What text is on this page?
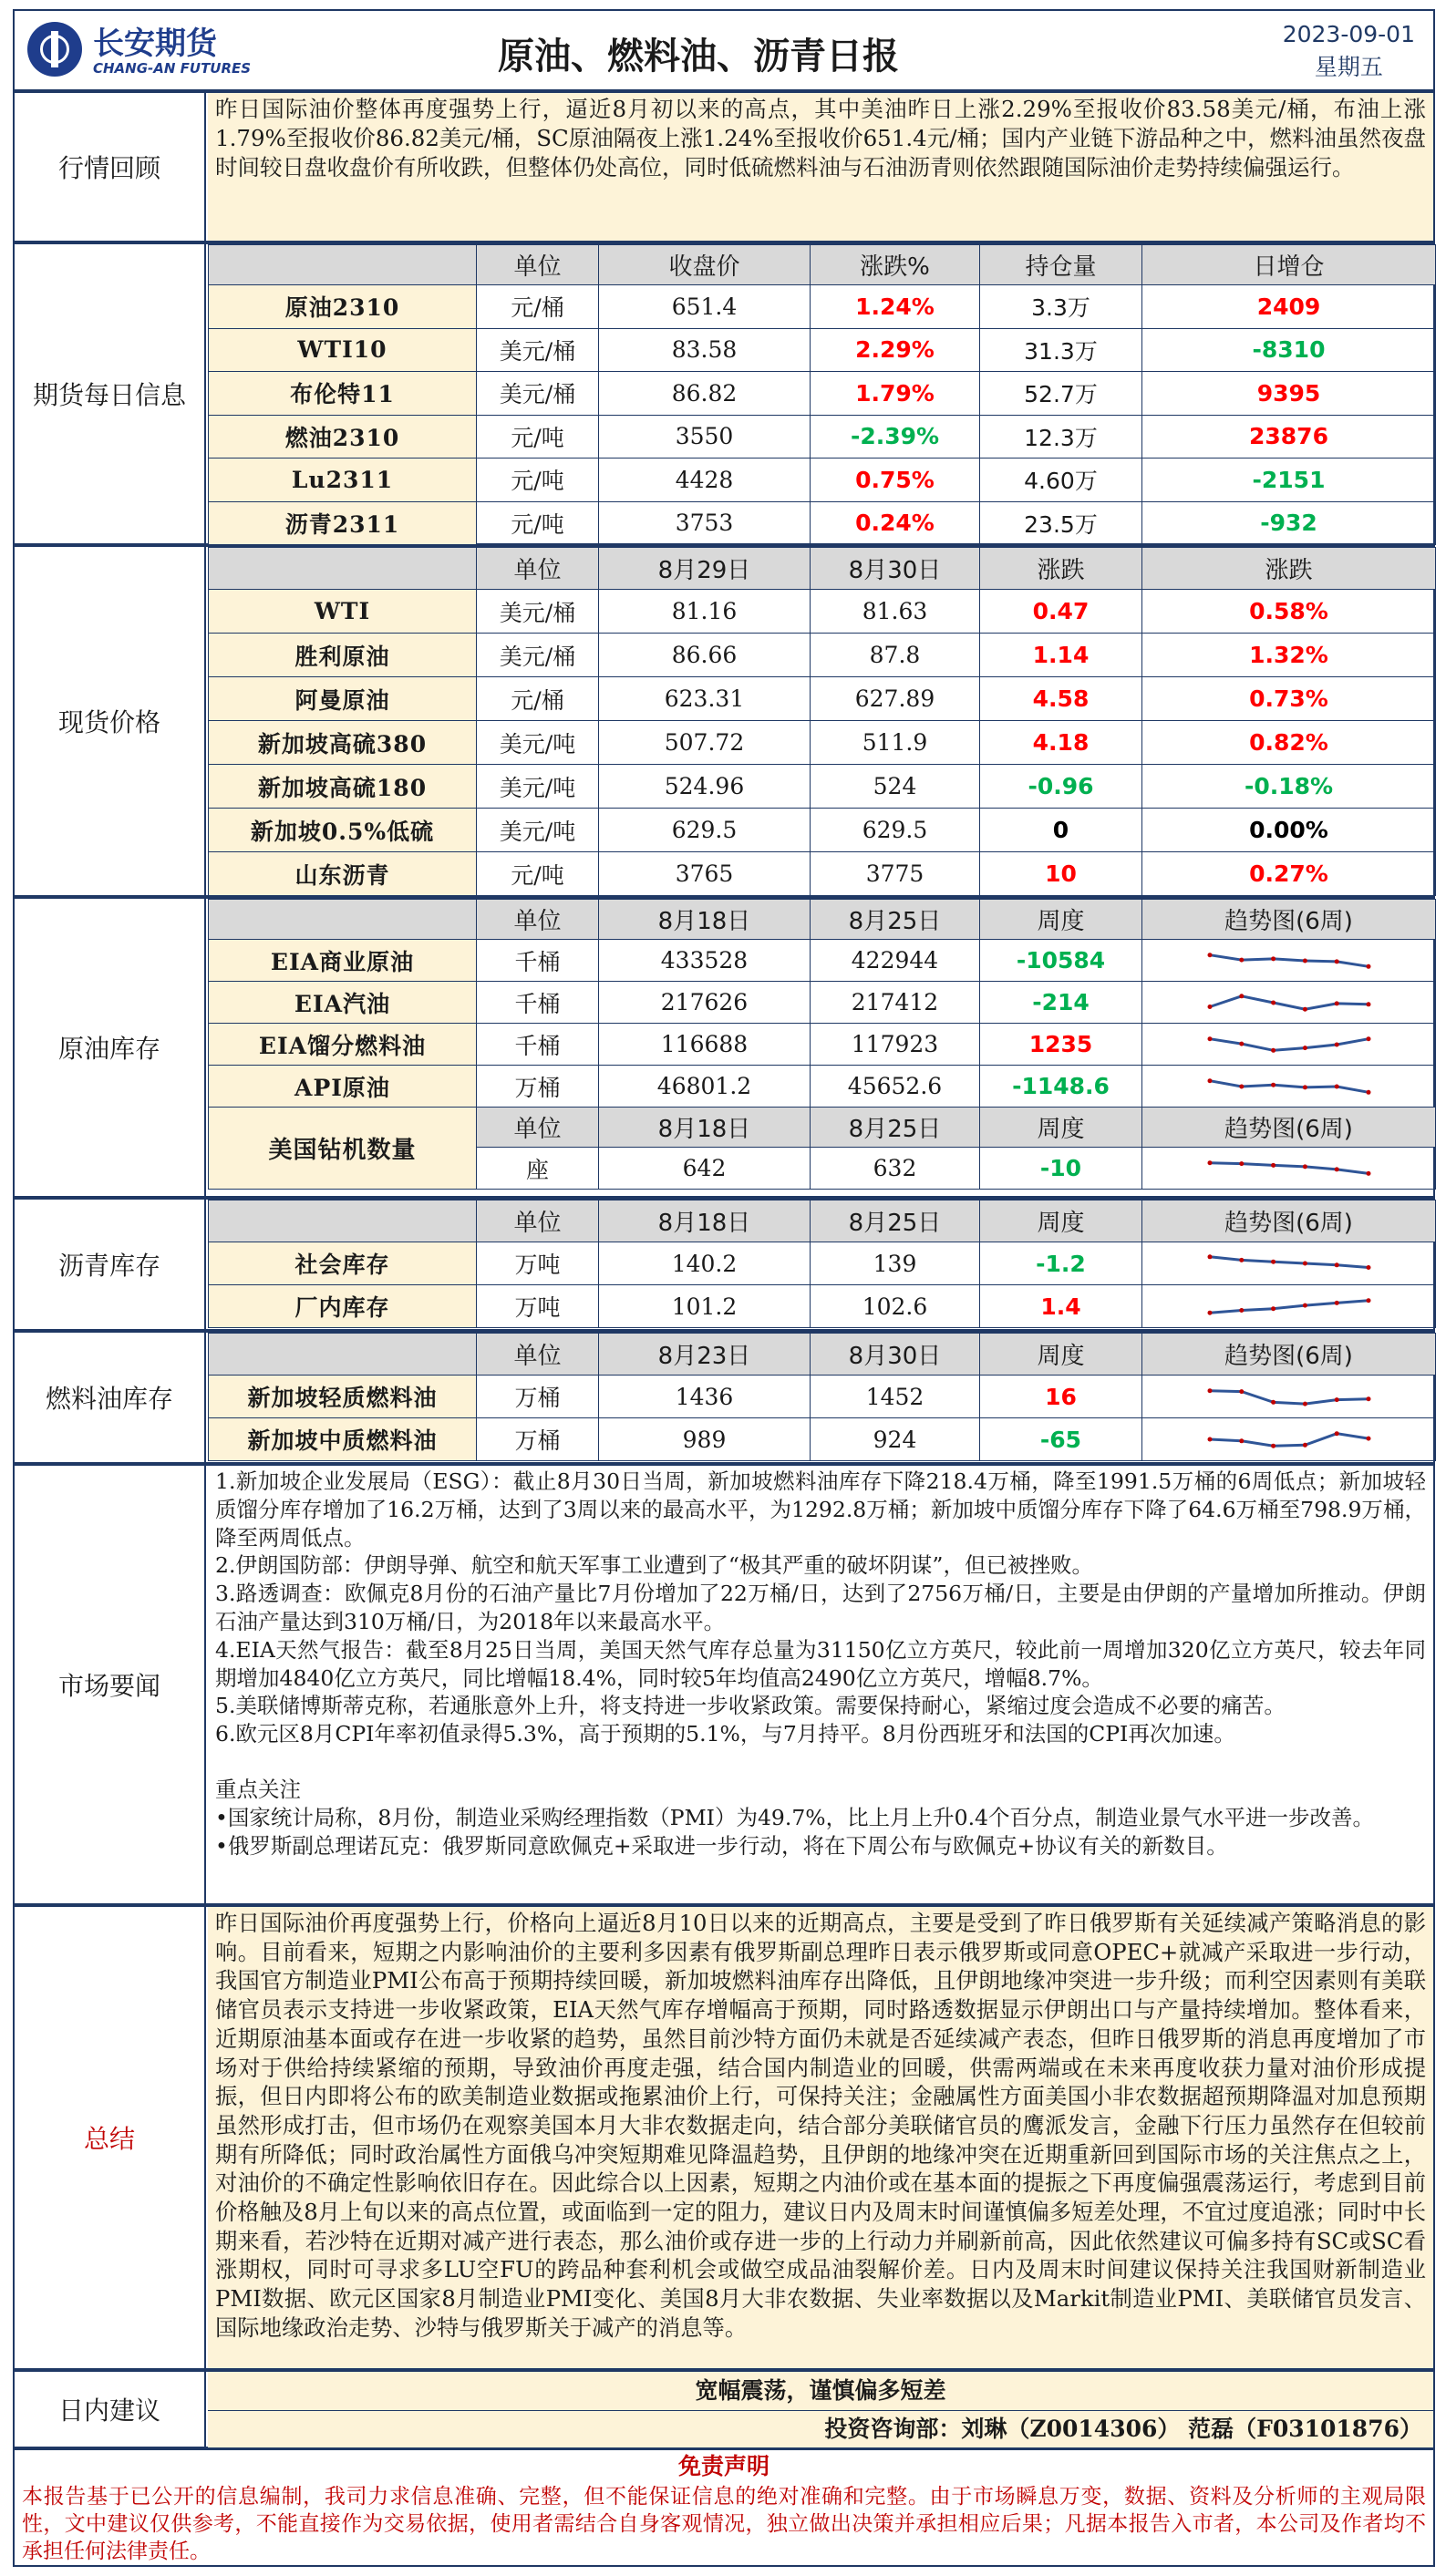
长安期货
CHANG-AN FUTURES	原油、燃料油、沥青日报
2023-09-01
星期五
行情回顾
昨日国际油价整体再度强势上行，逼近8月初以来的高点，其中美油昨日上涨2.29%至报收价83.58美元/桶，布油上涨1.79%至报收价86.82美元/桶，SC原油隔夜上涨1.24%至报收价651.4元/桶；国内产业链下游品种之中，燃料油虽然夜盘时间较日盘收盘价有所收跌，但整体仍处高位，同时低硫燃料油与石油沥青则依然跟随国际油价走势持续偏强运行。
期货每日信息
	单位	收盘价	涨跌%	持仓量	日增仓
原油2310	元/桶	651.4	1.24%	3.3万	2409
WTI10	美元/桶	83.58	2.29%	31.3万	-8310
布伦特11	美元/桶	86.82	1.79%	52.7万	9395
燃油2310	元/吨	3550	-2.39%	12.3万	23876
Lu2311	元/吨	4428	0.75%	4.60万	-2151
沥青2311	元/吨	3753	0.24%	23.5万	-932
现货价格
	单位	8月29日	8月30日	涨跌	涨跌
WTI	美元/桶	81.16	81.63	0.47	0.58%
胜利原油	美元/桶	86.66	87.8	1.14	1.32%
阿曼原油	元/桶	623.31	627.89	4.58	0.73%
新加坡高硫380	美元/吨	507.72	511.9	4.18	0.82%
新加坡高硫180	美元/吨	524.96	524	-0.96	-0.18%
新加坡0.5%低硫	美元/吨	629.5	629.5	0	0.00%
山东沥青	元/吨	3765	3775	10	0.27%
原油库存
	单位	8月18日	8月25日	周度	趋势图(6周)
EIA商业原油	千桶	433528	422944	-10584	

EIA汽油	千桶	217626	217412	-214	

EIA馏分燃料油	千桶	116688	117923	1235	

API原油	万桶	46801.2	45652.6	-1148.6	

美国钻机数量	单位	8月18日	8月25日	周度	趋势图(6周)
	座	642	632	-10	
沥青库存
	单位	8月18日	8月25日	周度	趋势图(6周)
社会库存	万吨	140.2	139	-1.2	

厂内库存	万吨	101.2	102.6	1.4	
燃料油库存
	单位	8月23日	8月30日	周度	趋势图(6周)
新加坡轻质燃料油	万桶	1436	1452	16	

新加坡中质燃料油	万桶	989	924	-65	
市场要闻
1.新加坡企业发展局（ESG）：截止8月30日当周，新加坡燃料油库存下降218.4万桶，降至1991.5万桶的6周低点；新加坡轻质馏分库存增加了16.2万桶，达到了3周以来的最高水平，为1292.8万桶；新加坡中质馏分库存下降了64.6万桶至798.9万桶，降至两周低点。
2.伊朗国防部：伊朗导弹、航空和航天军事工业遭到了“极其严重的破坏阴谋”，但已被挫败。
3.路透调查：欧佩克8月份的石油产量比7月份增加了22万桶/日，达到了2756万桶/日，主要是由伊朗的产量增加所推动。伊朗石油产量达到310万桶/日，为2018年以来最高水平。
4.EIA天然气报告：截至8月25日当周，美国天然气库存总量为31150亿立方英尺，较此前一周增加320亿立方英尺，较去年同期增加4840亿立方英尺，同比增幅18.4%，同时较5年均值高2490亿立方英尺，增幅8.7%。
5.美联储博斯蒂克称，若通胀意外上升，将支持进一步收紧政策。需要保持耐心，紧缩过度会造成不必要的痛苦。
6.欧元区8月CPI年率初值录得5.3%，高于预期的5.1%，与7月持平。8月份西班牙和法国的CPI再次加速。
重点关注
•国家统计局称，8月份，制造业采购经理指数（PMI）为49.7%，比上月上升0.4个百分点，制造业景气水平进一步改善。
•俄罗斯副总理诺瓦克：俄罗斯同意欧佩克+采取进一步行动，将在下周公布与欧佩克+协议有关的新数目。
总结
昨日国际油价再度强势上行，价格向上逼近8月10日以来的近期高点，主要是受到了昨日俄罗斯有关延续减产策略消息的影响。目前看来，短期之内影响油价的主要利多因素有俄罗斯副总理昨日表示俄罗斯或同意OPEC+就减产采取进一步行动，我国官方制造业PMI公布高于预期持续回暖，新加坡燃料油库存出降低，且伊朗地缘冲突进一步升级；而利空因素则有美联储官员表示支持进一步收紧政策，EIA天然气库存增幅高于预期，同时路透数据显示伊朗出口与产量持续增加。整体看来，近期原油基本面或存在进一步收紧的趋势，虽然目前沙特方面仍未就是否延续减产表态，但昨日俄罗斯的消息再度增加了市场对于供给持续紧缩的预期，导致油价再度走强，结合国内制造业的回暖，供需两端或在未来再度收获力量对油价形成提振，但日内即将公布的欧美制造业数据或拖累油价上行，可保持关注；金融属性方面美国小非农数据超预期降温对加息预期虽然形成打击，但市场仍在观察美国本月大非农数据走向，结合部分美联储官员的鹰派发言，金融下行压力虽然存在但较前期有所降低；同时政治属性方面俄乌冲突短期难见降温趋势，且伊朗的地缘冲突在近期重新回到国际市场的关注焦点之上，对油价的不确定性影响依旧存在。因此综合以上因素，短期之内油价或在基本面的提振之下再度偏强震荡运行，考虑到目前价格触及8月上旬以来的高点位置，或面临到一定的阻力，建议日内及周末时间谨慎偏多短差处理，不宜过度追涨；同时中长期来看，若沙特在近期对减产进行表态，那么油价或存进一步的上行动力并刷新前高，因此依然建议可偏多持有SC或SC看涨期权，同时可寻求多LU空FU的跨品种套利机会或做空成品油裂解价差。日内及周末时间建议保持关注我国财新制造业PMI数据、欧元区国家8月制造业PMI变化、美国8月大非农数据、失业率数据以及Markit制造业PMI、美联储官员发言、国际地缘政治走势、沙特与俄罗斯关于减产的消息等。
日内建议
宽幅震荡，谨慎偏多短差
投资咨询部：刘琳（Z0014306） 范磊（F03101876）
免责声明
本报告基于已公开的信息编制，我司力求信息准确、完整，但不能保证信息的绝对准确和完整。由于市场瞬息万变，数据、资料及分析师的主观局限性，文中建议仅供参考，不能直接作为交易依据，使用者需结合自身客观情况，独立做出决策并承担相应后果；凡据本报告入市者，本公司及作者均不承担任何法律责任。
